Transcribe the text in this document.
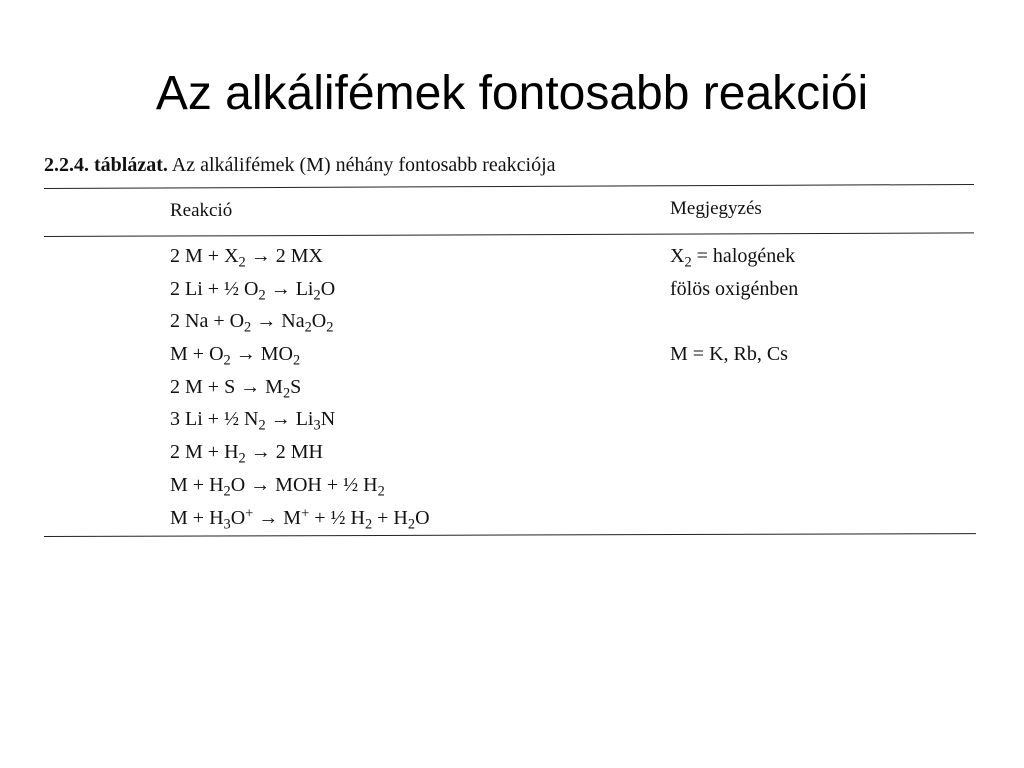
Az alkálifémek fontosabb reakciói
2.2.4. táblázat. Az alkálifémek (M) néhány fontosabb reakciója
Reakció	Megjegyzés
2 $M + X_2 \to 2$ MX	$X_2$ = halogének
2 Li + ½ $O_2 \to Li_2O$	fölös oxigénben
2 $Na + O_2 \to Na_2O_2$
$M + O_2 \to MO_2$	M = K, Rb, Cs
2 $M + S \to M_2S$
3 Li + ½ $N_2 \to Li_3N$
2 $M + H_2 \to 2$ MH
$M + H_2O$ → MOH + ½ $H_2$
$M + H_3O^+ \to M^+$ + ½ $H_2 + H_2O$
